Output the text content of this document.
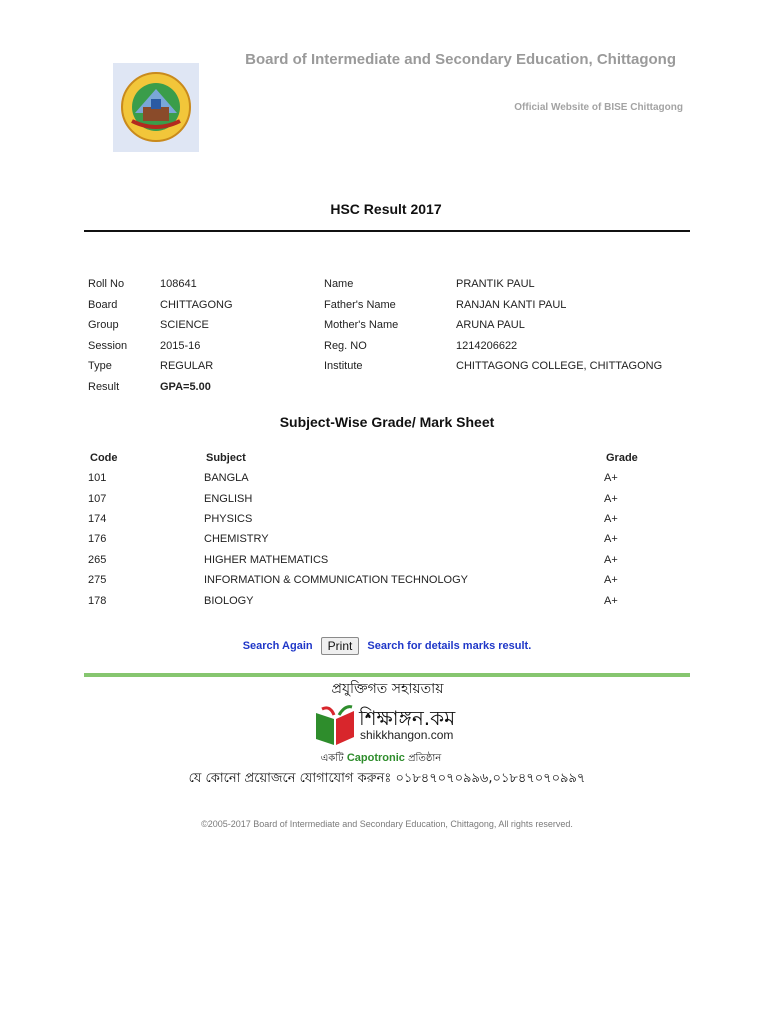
Board of Intermediate and Secondary Education, Chittagong
Official Website of BISE Chittagong
HSC Result 2017
Roll No	108641	Name	PRANTIK PAUL
Board	CHITTAGONG	Father's Name	RANJAN KANTI PAUL
Group	SCIENCE	Mother's Name	ARUNA PAUL
Session	2015-16	Reg. NO	1214206622
Type	REGULAR	Institute	CHITTAGONG COLLEGE, CHITTAGONG
Result	GPA=5.00		
Subject-Wise Grade/ Mark Sheet
Code	Subject	Grade
101	BANGLA	A+
107	ENGLISH	A+
174	PHYSICS	A+
176	CHEMISTRY	A+
265	HIGHER MATHEMATICS	A+
275	INFORMATION & COMMUNICATION TECHNOLOGY	A+
178	BIOLOGY	A+
Search Again Print Search for details marks result.
প্রযুক্তিগত সহায়তায়
শিক্ষাঙ্গন.কম
shikkhangon.com
একটি Capotronic প্রতিষ্ঠান
যে কোনো প্রয়োজনে যোগাযোগ করুনঃ ০১৮৪৭০৭০৯৯৬,০১৮৪৭০৭০৯৯৭
©2005-2017 Board of Intermediate and Secondary Education, Chittagong, All rights reserved.
